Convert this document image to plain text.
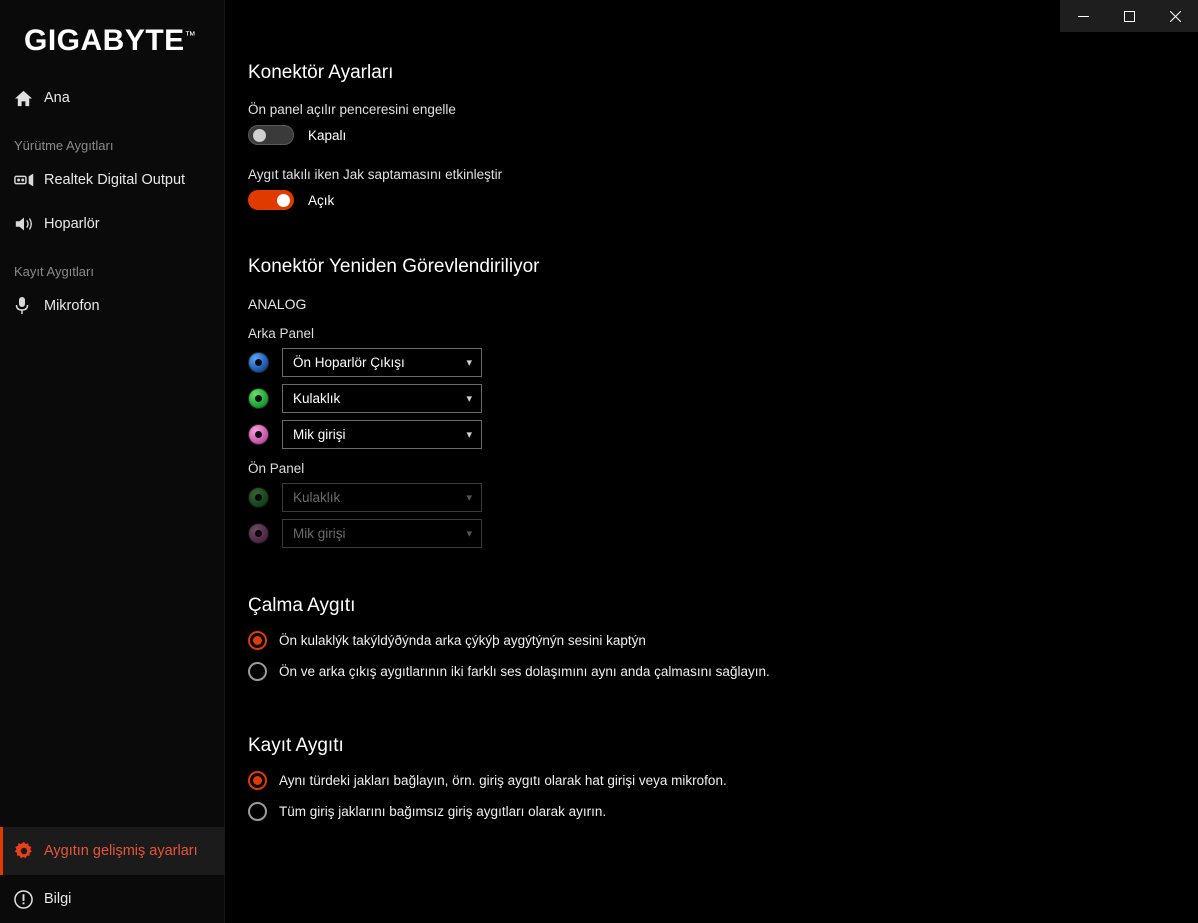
GIGABYTE™
Ana
Yürütme Aygıtları
Realtek Digital Output
Hoparlör
Kayıt Aygıtları
Mikrofon
Aygıtın gelişmiş ayarları
Bilgi
Konektör Ayarları
Ön panel açılır penceresini engelle
Kapalı
Aygıt takılı iken Jak saptamasını etkinleştir
Açık
Konektör Yeniden Görevlendiriliyor
ANALOG
Arka Panel
Ön Hoparlör Çıkışı	▾
Kulaklık	▾
Mik girişi	▾
Ön Panel
Kulaklık	▾
Mik girişi	▾
Çalma Aygıtı
Ön kulaklýk takýldýðýnda arka çýkýþ aygýtýnýn sesini kaptýn
Ön ve arka çıkış aygıtlarının iki farklı ses dolaşımını aynı anda çalmasını sağlayın.
Kayıt Aygıtı
Aynı türdeki jakları bağlayın, örn. giriş aygıtı olarak hat girişi veya mikrofon.
Tüm giriş jaklarını bağımsız giriş aygıtları olarak ayırın.
